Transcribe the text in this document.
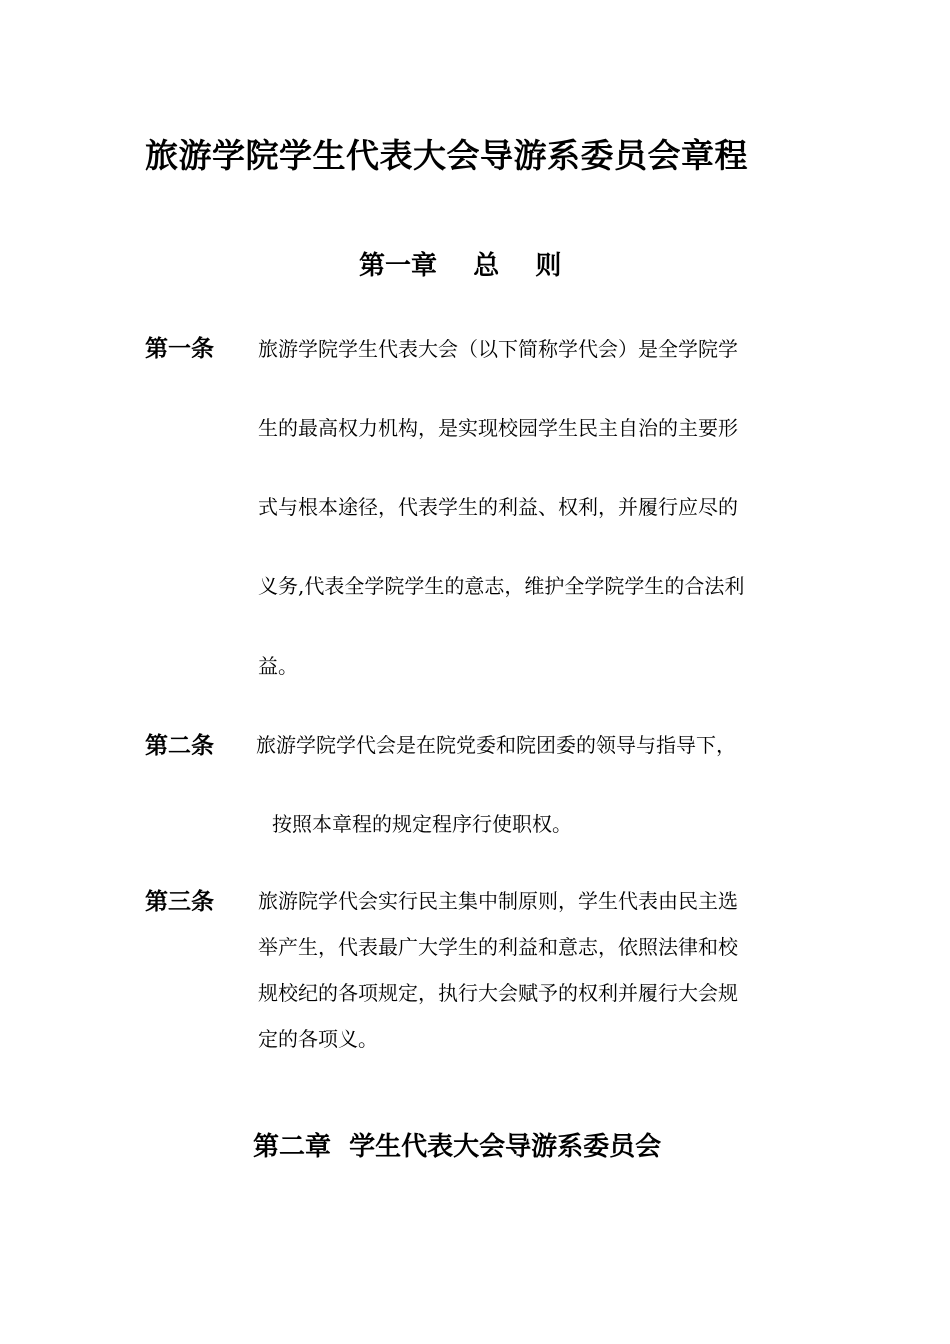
旅游学院学生代表大会导游系委员会章程
第一章    总    则
第一条 旅游学院学生代表大会（以下简称学代会）是全学院学
生的最高权力机构，是实现校园学生民主自治的主要形
式与根本途径，代表学生的利益、权利，并履行应尽的
义务,代表全学院学生的意志，维护全学院学生的合法利
益。
第二条 旅游学院学代会是在院党委和院团委的领导与指导下，
按照本章程的规定程序行使职权。
第三条 旅游院学代会实行民主集中制原则，学生代表由民主选
举产生，代表最广大学生的利益和意志，依照法律和校
规校纪的各项规定，执行大会赋予的权利并履行大会规
定的各项义。
第二章  学生代表大会导游系委员会
